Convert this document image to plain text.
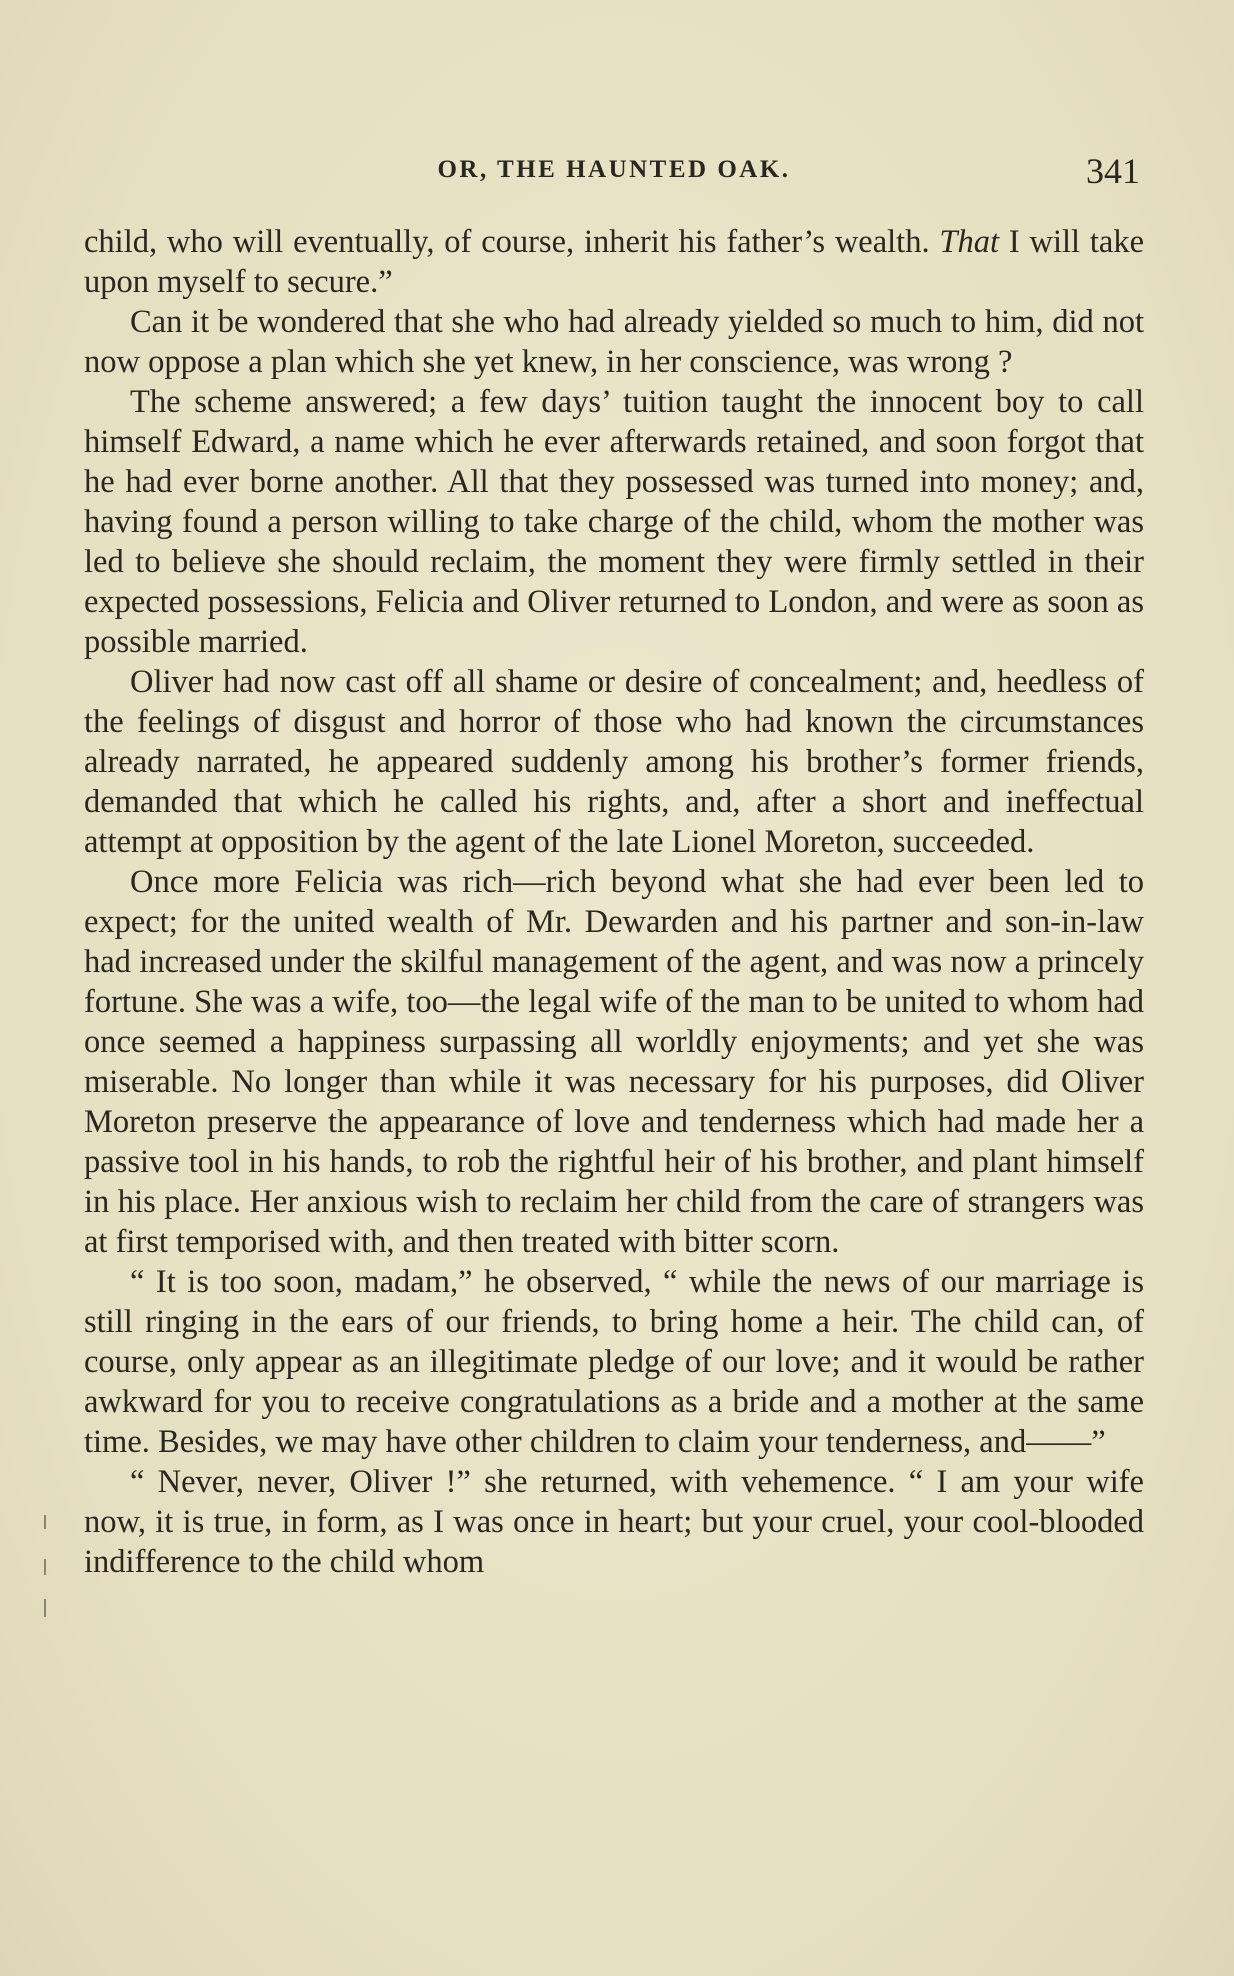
OR, THE HAUNTED OAK.	341

child, who will eventually, of course, inherit his father’s wealth. That I will take upon myself to secure.”

Can it be wondered that she who had already yielded so much to him, did not now oppose a plan which she yet knew, in her conscience, was wrong ?

The scheme answered; a few days’ tuition taught the innocent boy to call himself Edward, a name which he ever afterwards retained, and soon forgot that he had ever borne another. All that they possessed was turned into money; and, having found a person willing to take charge of the child, whom the mother was led to believe she should reclaim, the moment they were firmly settled in their expected possessions, Felicia and Oliver returned to London, and were as soon as possible married.

Oliver had now cast off all shame or desire of concealment; and, heedless of the feelings of disgust and horror of those who had known the circumstances already narrated, he appeared suddenly among his brother’s former friends, demanded that which he called his rights, and, after a short and ineffectual attempt at opposition by the agent of the late Lionel Moreton, succeeded.

Once more Felicia was rich—rich beyond what she had ever been led to expect; for the united wealth of Mr. Dewarden and his partner and son-in-law had increased under the skilful management of the agent, and was now a princely fortune. She was a wife, too—the legal wife of the man to be united to whom had once seemed a happiness surpassing all worldly enjoyments; and yet she was miserable. No longer than while it was necessary for his purposes, did Oliver Moreton preserve the appearance of love and tenderness which had made her a passive tool in his hands, to rob the rightful heir of his brother, and plant himself in his place. Her anxious wish to reclaim her child from the care of strangers was at first temporised with, and then treated with bitter scorn.

“ It is too soon, madam,” he observed, “ while the news of our marriage is still ringing in the ears of our friends, to bring home a heir. The child can, of course, only appear as an illegitimate pledge of our love; and it would be rather awkward for you to receive congratulations as a bride and a mother at the same time. Besides, we may have other children to claim your tenderness, and——”

“ Never, never, Oliver !” she returned, with vehemence. “ I am your wife now, it is true, in form, as I was once in heart; but your cruel, your cool-blooded indifference to the child whom
